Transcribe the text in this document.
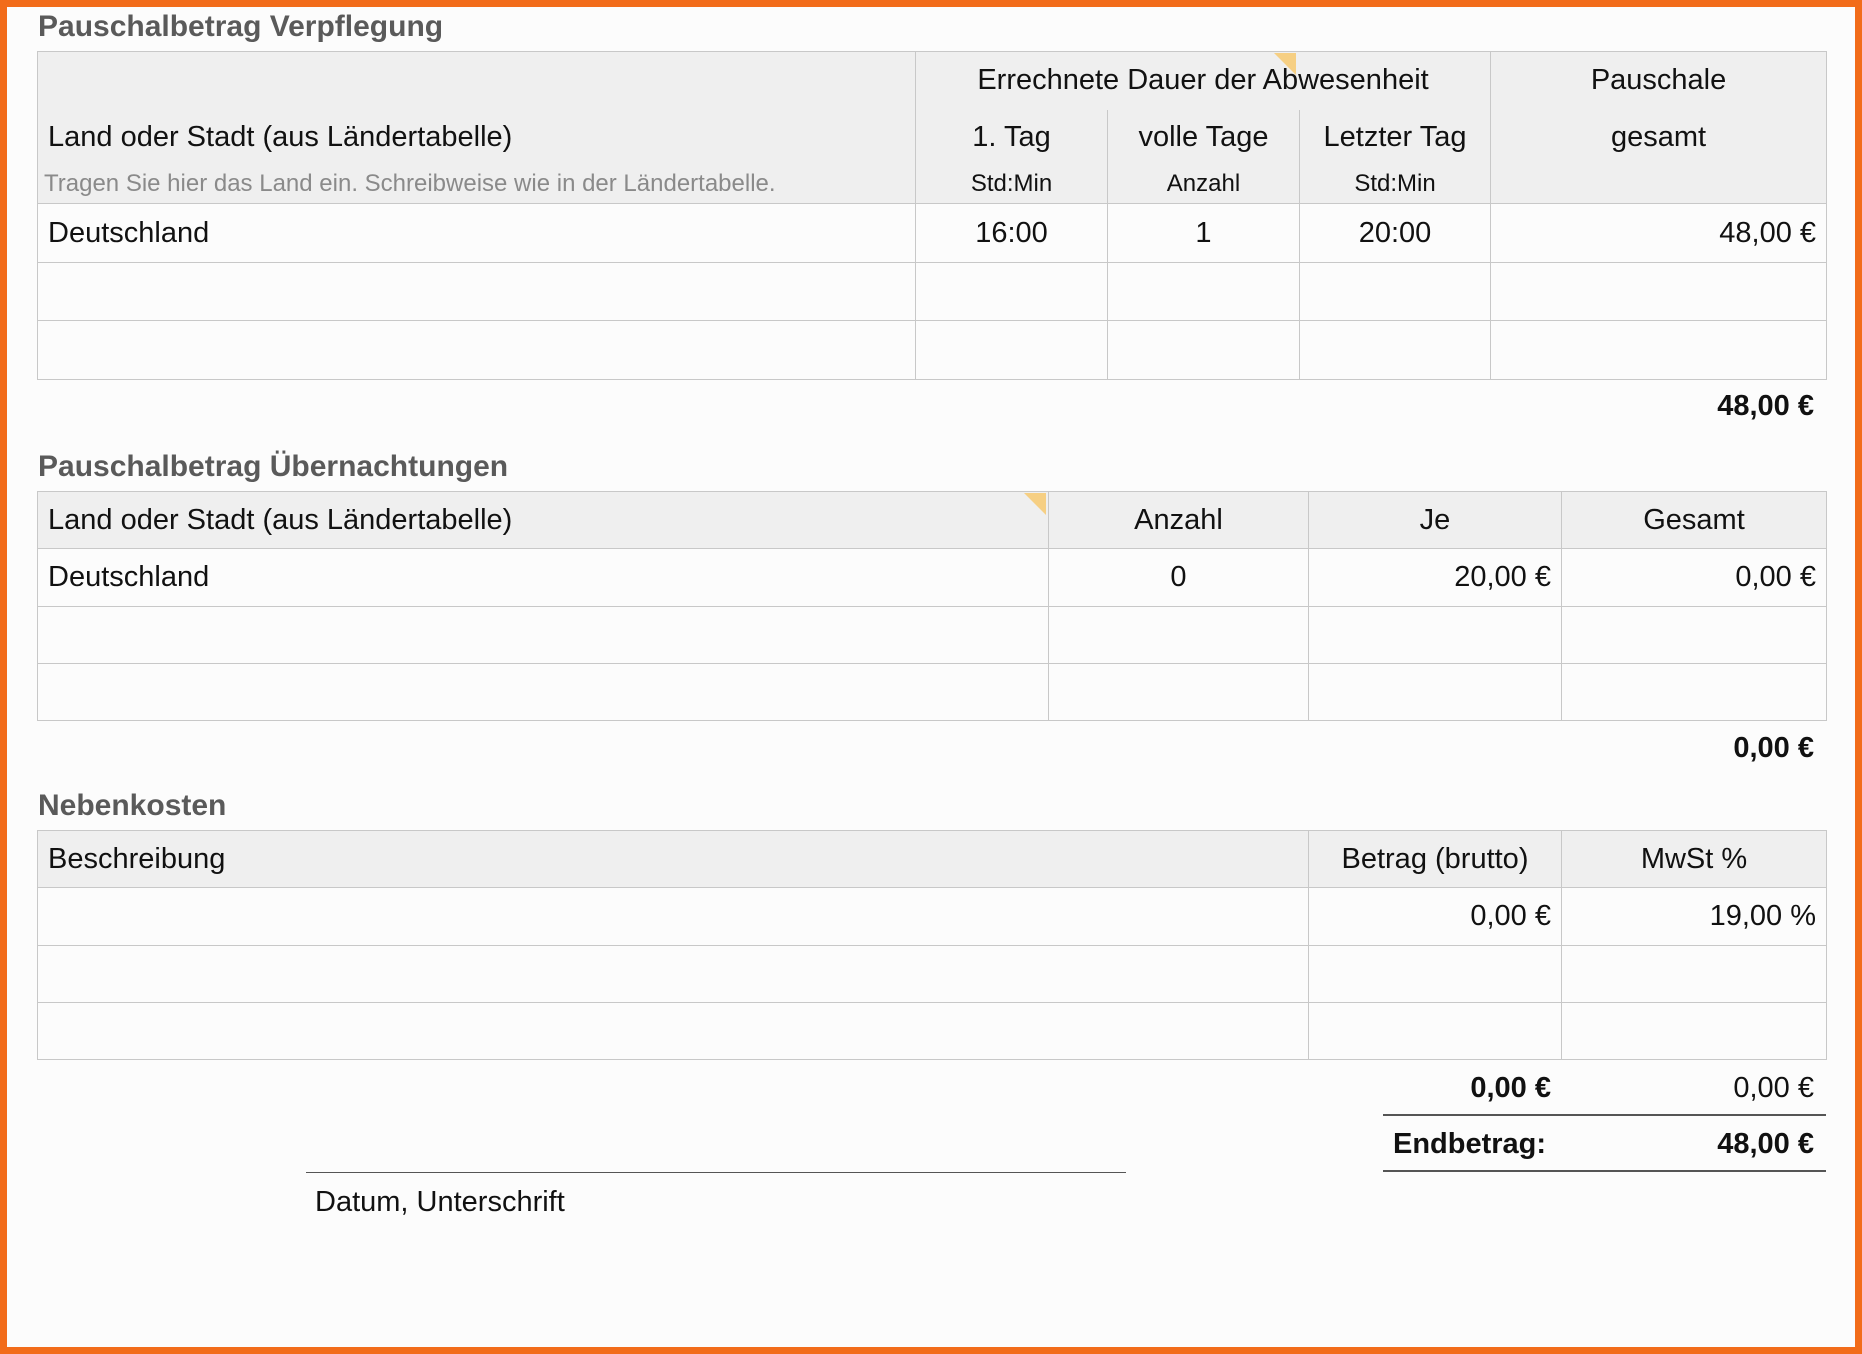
Pauschalbetrag Verpflegung
	Errechnete Dauer der Abwesenheit			Pauschale
Land oder Stadt (aus Ländertabelle)	1. Tag	volle Tage	Letzter Tag	gesamt
Tragen Sie hier das Land ein. Schreibweise wie in der Ländertabelle.	Std:Min	Anzahl	Std:Min	
Deutschland	16:00	1	20:00	48,00 €

48,00 €
Pauschalbetrag Übernachtungen
Land oder Stadt (aus Ländertabelle)	Anzahl	Je	Gesamt
Deutschland	0	20,00 €	0,00 €

0,00 €
Nebenkosten
Beschreibung	Betrag (brutto)	MwSt %
	0,00 €	19,00 %

0,00 €	0,00 €
Endbetrag:	48,00 €
Datum, Unterschrift
